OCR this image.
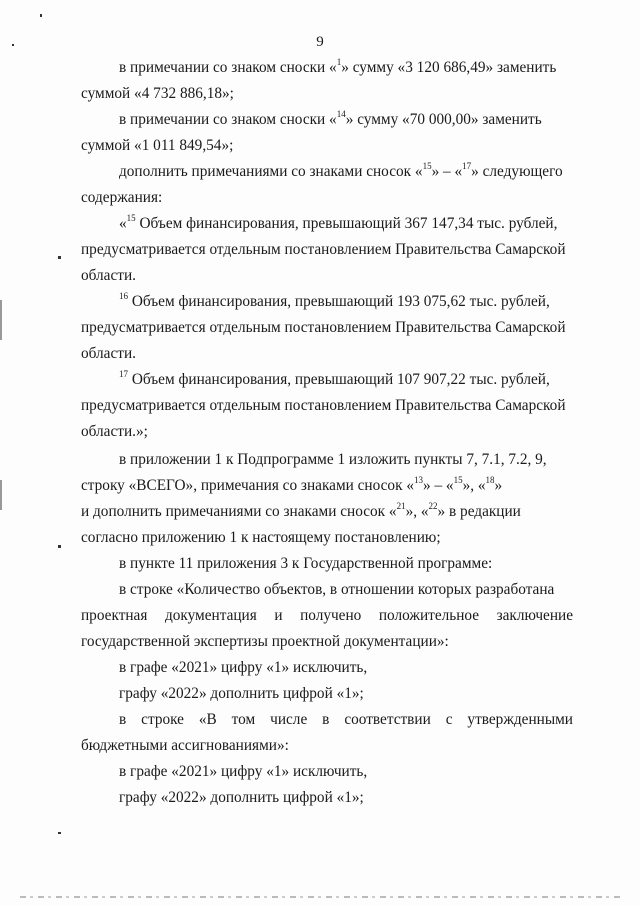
9
в примечании со знаком сноски «$^1$» сумму «3 120 686,49» заменить
суммой «4 732 886,18»;
в примечании со знаком сноски «$^{14}$» сумму «70 000,00» заменить
суммой «1 011 849,54»;
дополнить примечаниями со знаками сносок «$^{15}$» – «$^{17}$» следующего
содержания:
«$^{15}$ Объем финансирования, превышающий 367 147,34 тыс. рублей,
предусматривается отдельным постановлением Правительства Самарской
области.
$^{16}$ Объем финансирования, превышающий 193 075,62 тыс. рублей,
предусматривается отдельным постановлением Правительства Самарской
области.
$^{17}$ Объем финансирования, превышающий 107 907,22 тыс. рублей,
предусматривается отдельным постановлением Правительства Самарской
области.»;
в приложении 1 к Подпрограмме 1 изложить пункты 7, 7.1, 7.2, 9,
строку «ВСЕГО», примечания со знаками сносок «$^{13}$» – «$^{15}$», «$^{18}$»
и дополнить примечаниями со знаками сносок «$^{21}$», «$^{22}$» в редакции
согласно приложению 1 к настоящему постановлению;
в пункте 11 приложения 3 к Государственной программе:
в строке «Количество объектов, в отношении которых разработана
проектная документация и получено положительное заключение
государственной экспертизы проектной документации»:
в графе «2021» цифру «1» исключить,
графу «2022» дополнить цифрой «1»;
в строке «В том числе в соответствии с утвержденными
бюджетными ассигнованиями»:
в графе «2021» цифру «1» исключить,
графу «2022» дополнить цифрой «1»;
